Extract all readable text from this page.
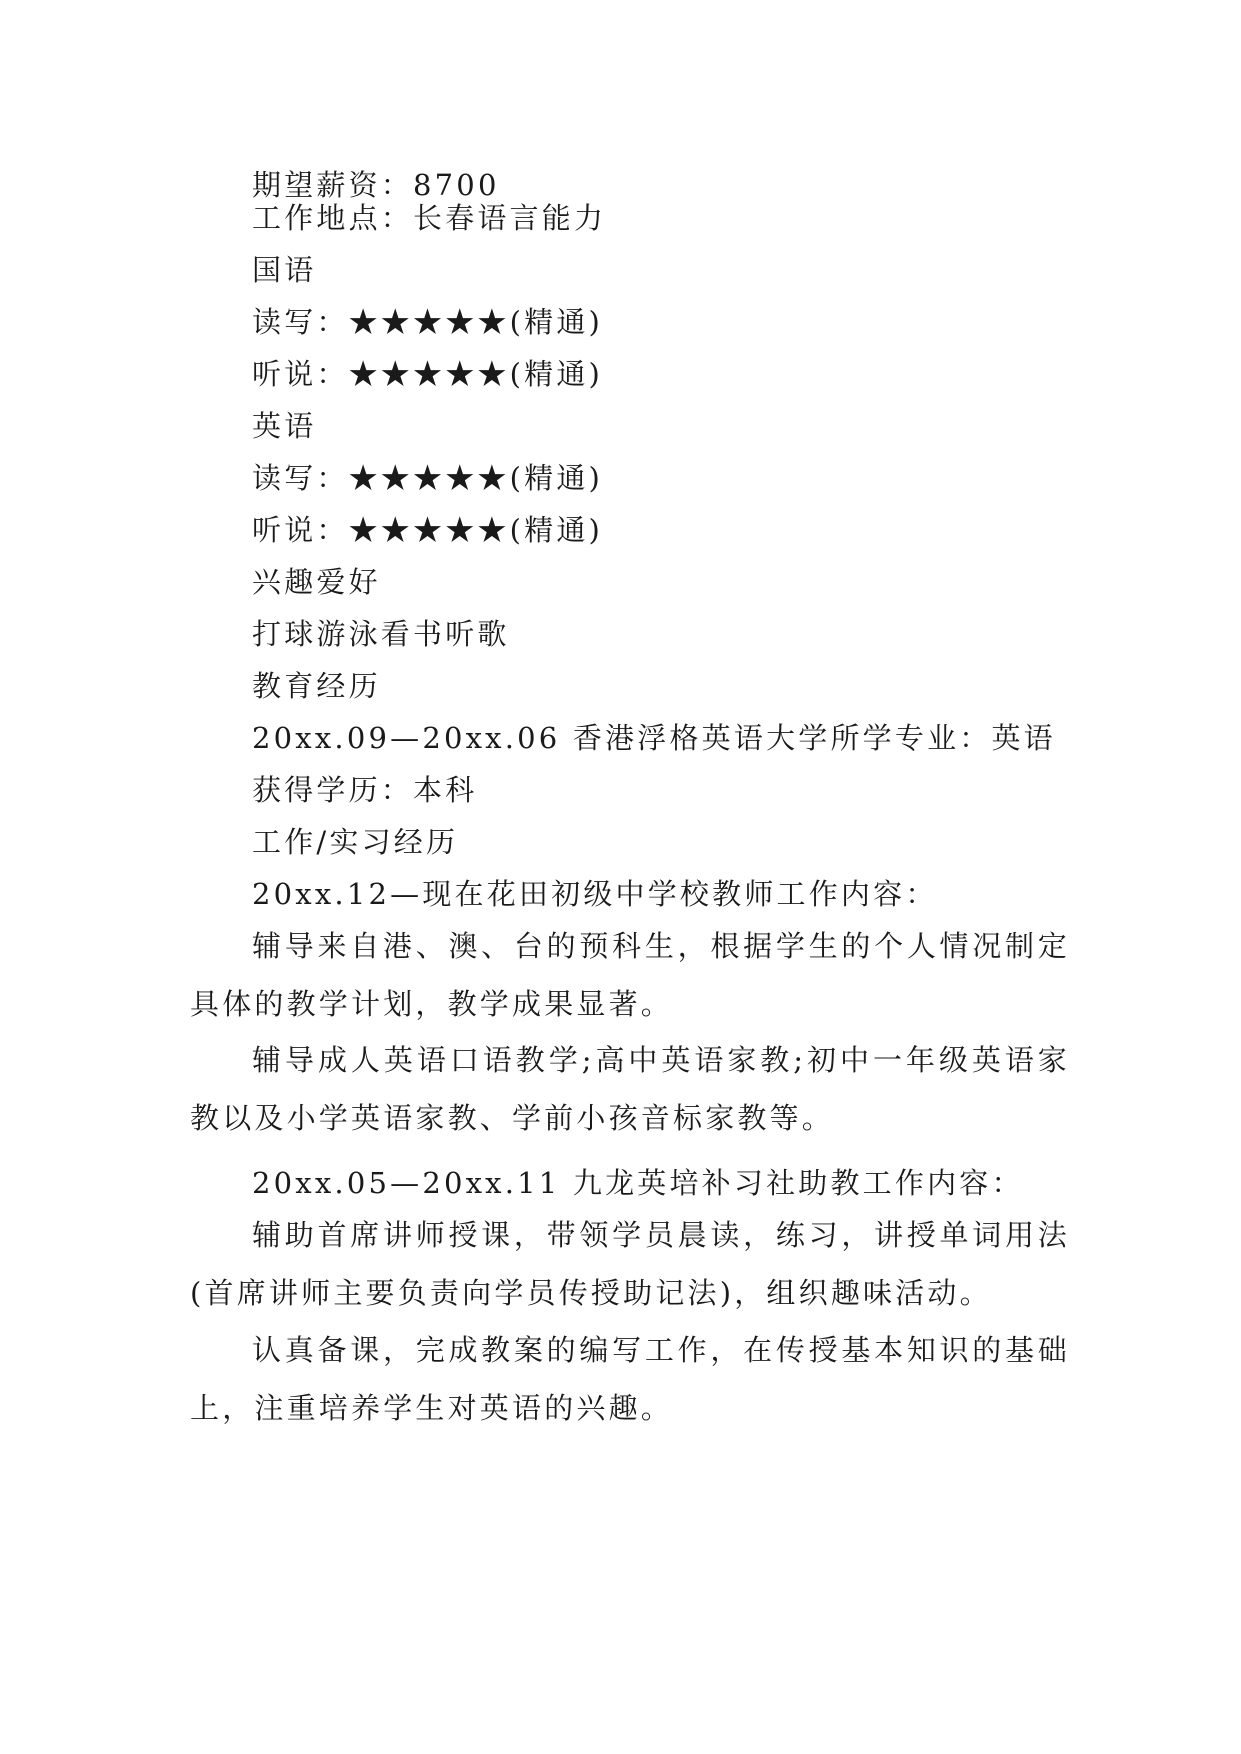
期望薪资：8700
工作地点：长春语言能力
国语
读写：★★★★★(精通)
听说：★★★★★(精通)
英语
读写：★★★★★(精通)
听说：★★★★★(精通)
兴趣爱好
打球游泳看书听歌
教育经历
20xx.09—20xx.06 香港浮格英语大学所学专业：英语
获得学历：本科
工作/实习经历
20xx.12—现在花田初级中学校教师工作内容：
辅导来自港、澳、台的预科生，根据学生的个人情况制定具体的教学计划，教学成果显著。
辅导成人英语口语教学;高中英语家教;初中一年级英语家教以及小学英语家教、学前小孩音标家教等。
20xx.05—20xx.11 九龙英培补习社助教工作内容：
辅助首席讲师授课，带领学员晨读，练习，讲授单词用法(首席讲师主要负责向学员传授助记法)，组织趣味活动。
认真备课，完成教案的编写工作，在传授基本知识的基础上，注重培养学生对英语的兴趣。
